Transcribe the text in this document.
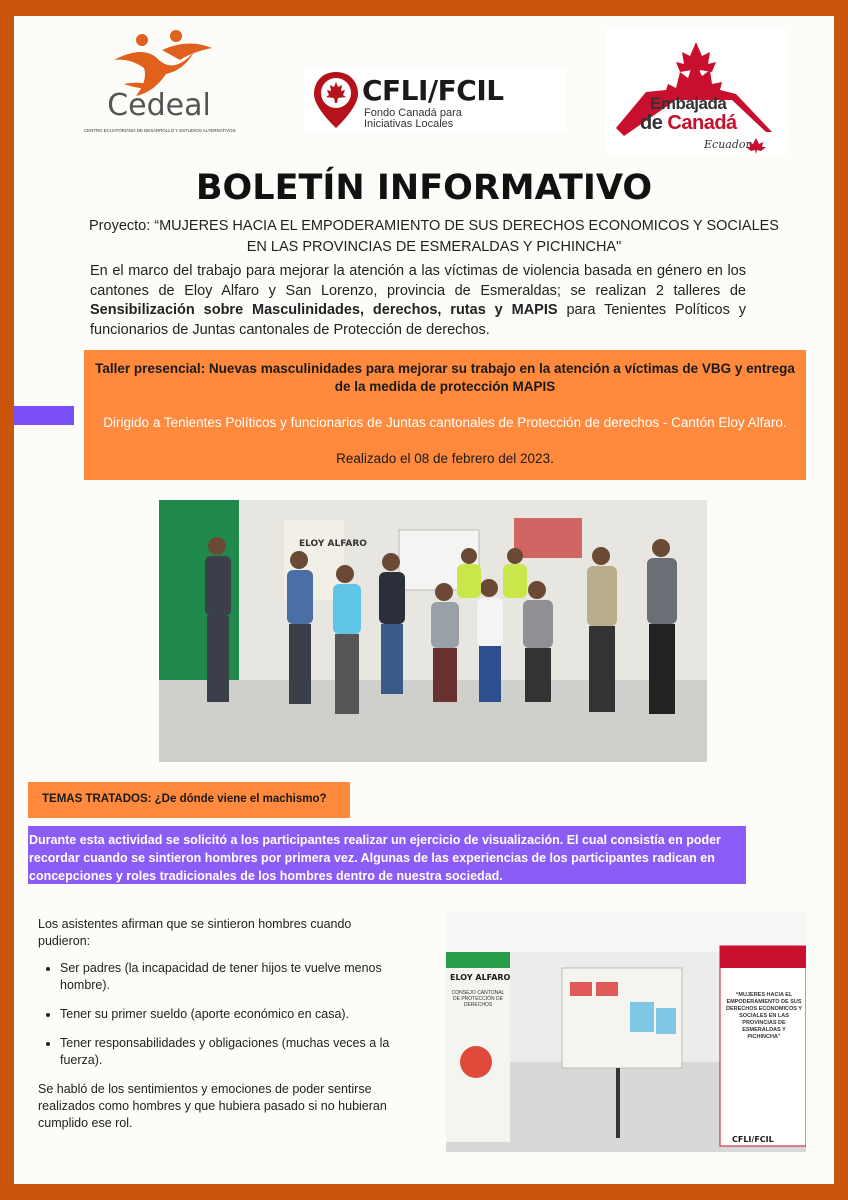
Cedeal
CENTRO ECUATORIANO DE DESARROLLO Y ESTUDIOS ALTERNATIVOS
CFLI/FCIL
Fondo Canadá para Iniciativas Locales
Embajada
de Canadá
Ecuador
BOLETÍN INFORMATIVO
Proyecto: “MUJERES HACIA EL EMPODERAMIENTO DE SUS DERECHOS ECONOMICOS Y SOCIALES EN LAS PROVINCIAS DE ESMERALDAS Y PICHINCHA"
En el marco del trabajo para mejorar la atención a las víctimas de violencia basada en género en los cantones de Eloy Alfaro y San Lorenzo, provincia de Esmeraldas; se realizan 2 talleres de Sensibilización sobre Masculinidades, derechos, rutas y MAPIS para Tenientes Políticos y funcionarios de Juntas cantonales de Protección de derechos.
Taller presencial: Nuevas masculinidades para mejorar su trabajo en la atención a víctimas de VBG y entrega de la medida de protección MAPIS
Dirigido a Tenientes Políticos y funcionarios de Juntas cantonales de Protección de derechos - Cantón Eloy Alfaro.
Realizado el 08 de febrero del 2023.
ELOY ALFARO
TEMAS TRATADOS: ¿De dónde viene el machismo?
Durante esta actividad se solicitó a los participantes realizar un ejercicio de visualización. El cual consistía en poder recordar cuando se sintieron hombres por primera vez. Algunas de las experiencias de los participantes radican en concepciones y roles tradicionales de los hombres dentro de nuestra sociedad.

Los asistentes afirman que se sintieron hombres cuando pudieron:

• Ser padres (la incapacidad de tener hijos te vuelve menos hombre).
• Tener su primer sueldo (aporte económico en casa).
• Tener responsabilidades y obligaciones (muchas veces a la fuerza).

Se habló de los sentimientos y emociones de poder sentirse realizados como hombres y que hubiera pasado si no hubieran cumplido ese rol.

ELOY ALFARO
CFLI/FCIL
CONSEJO CANTONAL DE PROTECCIÓN DE DERECHOS
“MUJERES HACIA EL EMPODERAMIENTO DE SUS DERECHOS ECONOMICOS Y SOCIALES EN LAS PROVINCIAS DE ESMERALDAS Y PICHINCHA”
